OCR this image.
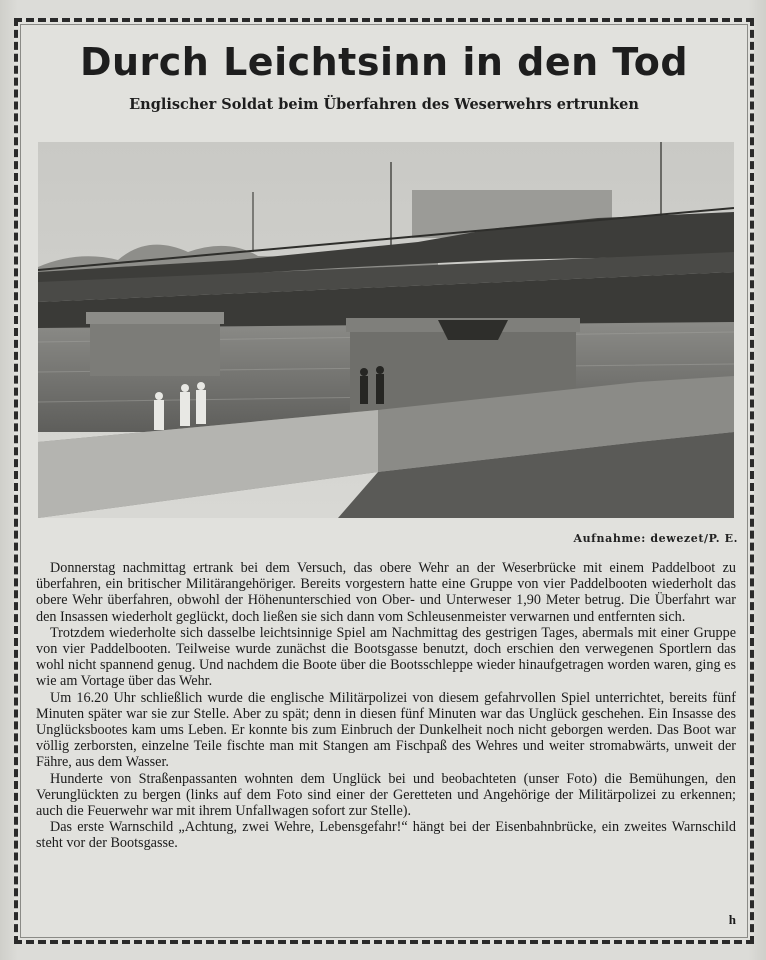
Durch Leichtsinn in den Tod
Englischer Soldat beim Überfahren des Weserwehrs ertrunken
Aufnahme: dewezet/P. E.

Donnerstag nachmittag ertrank bei dem Versuch, das obere Wehr an der Weserbrücke mit einem Paddelboot zu überfahren, ein britischer Militärangehöriger. Bereits vorgestern hatte eine Gruppe von vier Paddelbooten wiederholt das obere Wehr überfahren, obwohl der Höhenunterschied von Ober- und Unterweser 1,90 Meter betrug. Die Überfahrt war den Insassen wiederholt geglückt, doch ließen sie sich dann vom Schleusenmeister verwarnen und entfernten sich.

Trotzdem wiederholte sich dasselbe leichtsinnige Spiel am Nachmittag des gestrigen Tages, abermals mit einer Gruppe von vier Paddelbooten. Teilweise wurde zunächst die Bootsgasse benutzt, doch erschien den verwegenen Sportlern das wohl nicht spannend genug. Und nachdem die Boote über die Bootsschleppe wieder hinaufgetragen worden waren, ging es wie am Vortage über das Wehr.

Um 16.20 Uhr schließlich wurde die englische Militärpolizei von diesem gefahrvollen Spiel unterrichtet, bereits fünf Minuten später war sie zur Stelle. Aber zu spät; denn in diesen fünf Minuten war das Unglück geschehen. Ein Insasse des Unglücksbootes kam ums Leben. Er konnte bis zum Einbruch der Dunkelheit noch nicht geborgen werden. Das Boot war völlig zerborsten, einzelne Teile fischte man mit Stangen am Fischpaß des Wehres und weiter stromabwärts, unweit der Fähre, aus dem Wasser.

Hunderte von Straßenpassanten wohnten dem Unglück bei und beobachteten (unser Foto) die Bemühungen, den Verunglückten zu bergen (links auf dem Foto sind einer der Geretteten und Angehörige der Militärpolizei zu erkennen; auch die Feuerwehr war mit ihrem Unfallwagen sofort zur Stelle).

Das erste Warnschild „Achtung, zwei Wehre, Lebensgefahr!“ hängt bei der Eisenbahnbrücke, ein zweites Warnschild steht vor der Bootsgasse.

h
